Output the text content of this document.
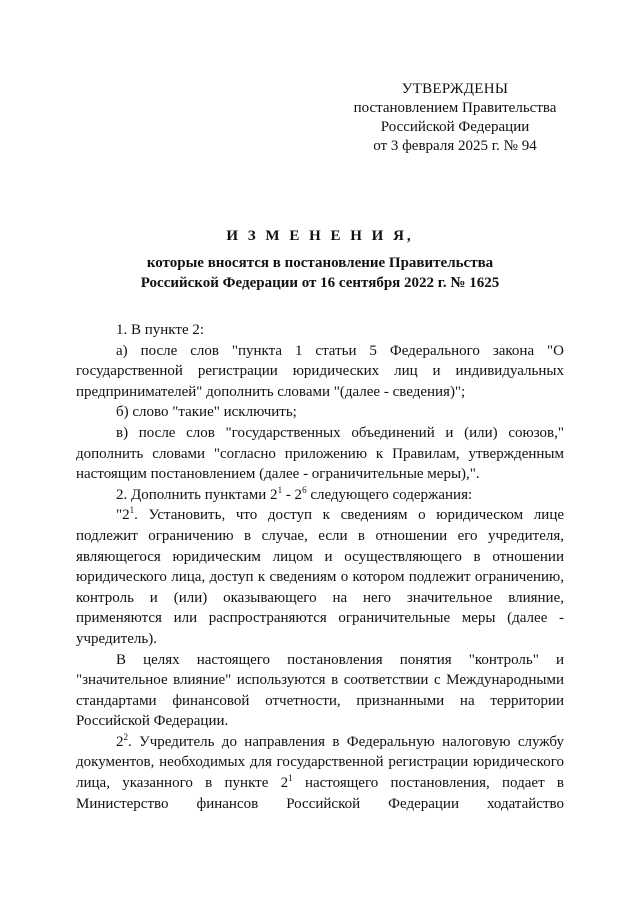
УТВЕРЖДЕНЫ
постановлением Правительства
Российской Федерации
от 3 февраля 2025 г. № 94
И З М Е Н Е Н И Я,
которые вносятся в постановление Правительства
Российской Федерации от 16 сентября 2022 г. № 1625
1. В пункте 2:
а) после слов "пункта 1 статьи 5 Федерального закона "О государственной регистрации юридических лиц и индивидуальных предпринимателей" дополнить словами "(далее - сведения)";
б) слово "такие" исключить;
в) после слов "государственных объединений и (или) союзов," дополнить словами "согласно приложению к Правилам, утвержденным настоящим постановлением (далее - ограничительные меры),".
2. Дополнить пунктами $2^1 - 2^6$ следующего содержания:
"$2^1$. Установить, что доступ к сведениям о юридическом лице подлежит ограничению в случае, если в отношении его учредителя, являющегося юридическим лицом и осуществляющего в отношении юридического лица, доступ к сведениям о котором подлежит ограничению, контроль и (или) оказывающего на него значительное влияние, применяются или распространяются ограничительные меры (далее - учредитель).
В целях настоящего постановления понятия "контроль" и "значительное влияние" используются в соответствии с Международными стандартами финансовой отчетности, признанными на территории Российской Федерации.
$2^2$. Учредитель до направления в Федеральную налоговую службу документов, необходимых для государственной регистрации юридического лица, указанного в пункте $2^1$ настоящего постановления, подает в Министерство финансов Российской Федерации ходатайство
